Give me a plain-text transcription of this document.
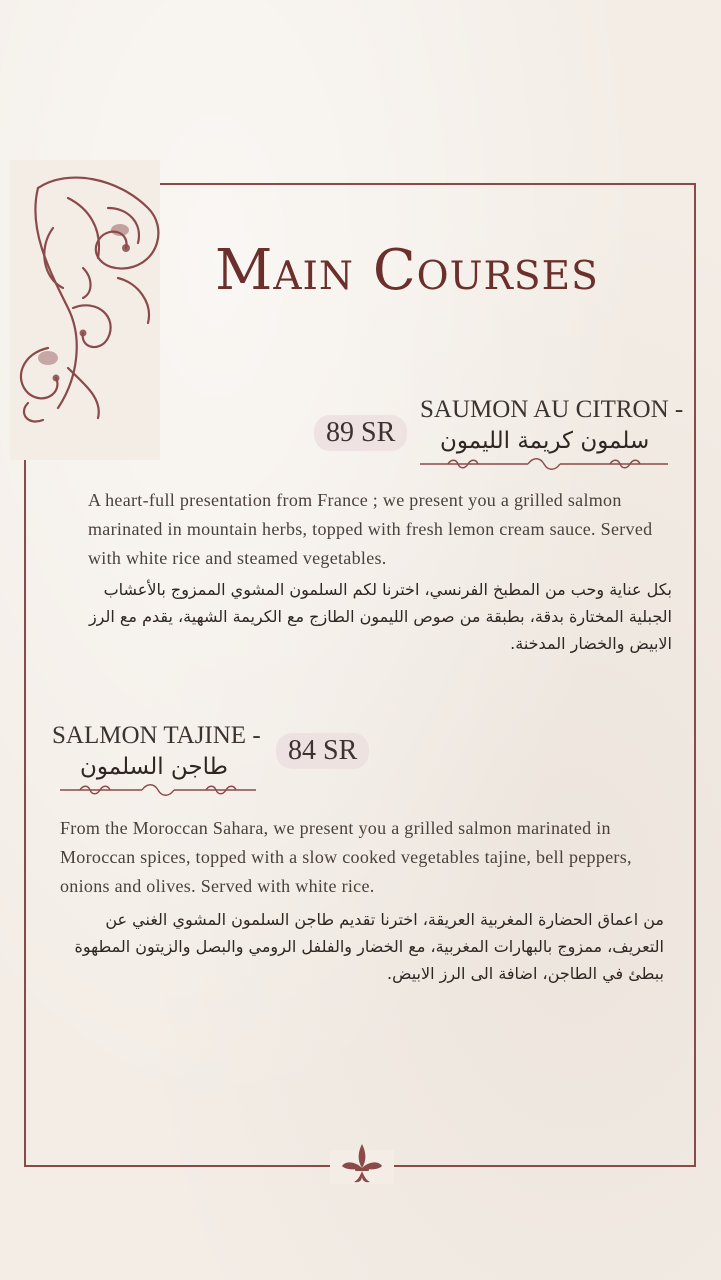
Main Courses
SAUMON AU CITRON -
سلمون كريمة الليمون
89 SR
A heart-full presentation from France ; we present you a grilled salmon marinated in mountain herbs, topped with fresh lemon cream sauce. Served with white rice and steamed vegetables.
بكل عناية وحب من المطبخ الفرنسي، اخترنا لكم السلمون المشوي الممزوج بالأعشاب الجبلية المختارة بدقة، بطبقة من صوص الليمون الطازج مع الكريمة الشهية، يقدم مع الرز الابيض والخضار المدخنة.
SALMON TAJINE -
طاجن السلمون
84 SR
From the Moroccan Sahara, we present you a grilled salmon marinated in Moroccan spices, topped with a slow cooked vegetables tajine, bell peppers, onions and olives. Served with white rice.
من اعماق الحضارة المغربية العريقة، اخترنا تقديم طاجن السلمون المشوي الغني عن التعريف، ممزوج بالبهارات المغربية، مع الخضار والفلفل الرومي والبصل والزيتون المطهوة ببطئ في الطاجن، اضافة الى الرز الابيض.
